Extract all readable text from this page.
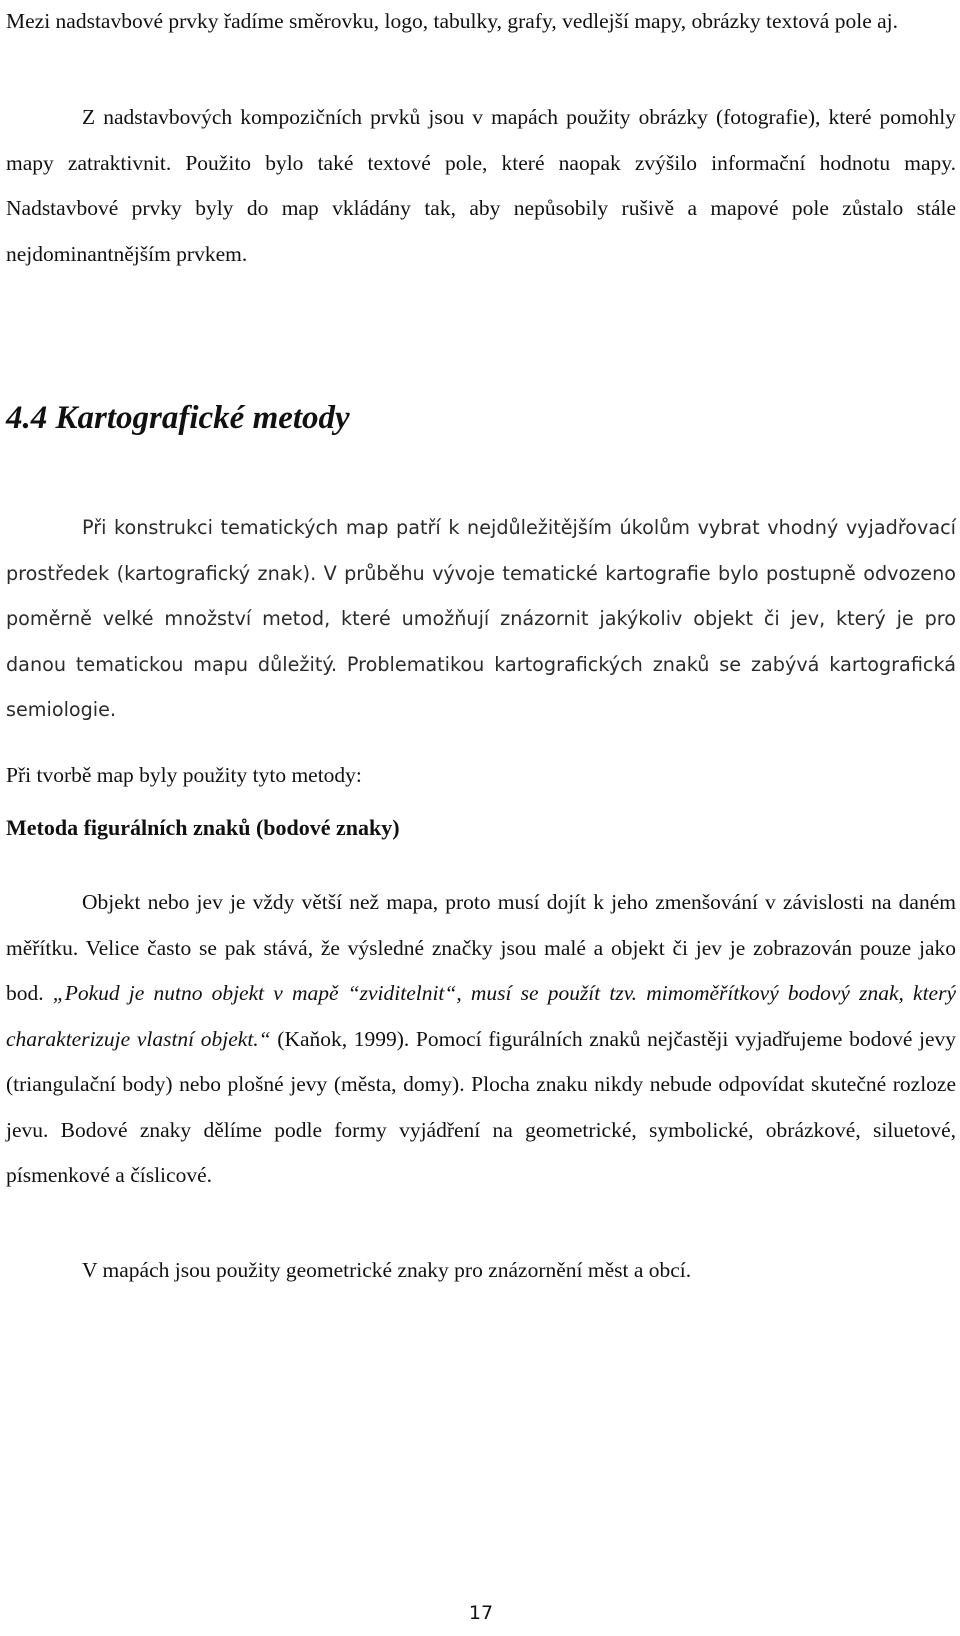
Mezi nadstavbové prvky řadíme směrovku, logo, tabulky, grafy, vedlejší mapy, obrázky textová pole aj.

Z nadstavbových kompozičních prvků jsou v mapách použity obrázky (fotografie), které pomohly mapy zatraktivnit. Použito bylo také textové pole, které naopak zvýšilo informační hodnotu mapy. Nadstavbové prvky byly do map vkládány tak, aby nepůsobily rušivě a mapové pole zůstalo stále nejdominantnějším prvkem.

4.4 Kartografické metody

Při konstrukci tematických map patří k nejdůležitějším úkolům vybrat vhodný vyjadřovací prostředek (kartografický znak). V průběhu vývoje tematické kartografie bylo postupně odvozeno poměrně velké množství metod, které umožňují znázornit jakýkoliv objekt či jev, který je pro danou tematickou mapu důležitý. Problematikou kartografických znaků se zabývá kartografická semiologie.

Při tvorbě map byly použity tyto metody:

Metoda figurálních znaků (bodové znaky)

Objekt nebo jev je vždy větší než mapa, proto musí dojít k jeho zmenšování v závislosti na daném měřítku. Velice často se pak stává, že výsledné značky jsou malé a objekt či jev je zobrazován pouze jako bod. „Pokud je nutno objekt v mapě “zviditelnit“, musí se použít tzv. mimoměřítkový bodový znak, který charakterizuje vlastní objekt.“ (Kaňok, 1999). Pomocí figurálních znaků nejčastěji vyjadřujeme bodové jevy (triangulační body) nebo plošné jevy (města, domy). Plocha znaku nikdy nebude odpovídat skutečné rozloze jevu. Bodové znaky dělíme podle formy vyjádření na geometrické, symbolické, obrázkové, siluetové, písmenkové a číslicové.

V mapách jsou použity geometrické znaky pro znázornění měst a obcí.

17
